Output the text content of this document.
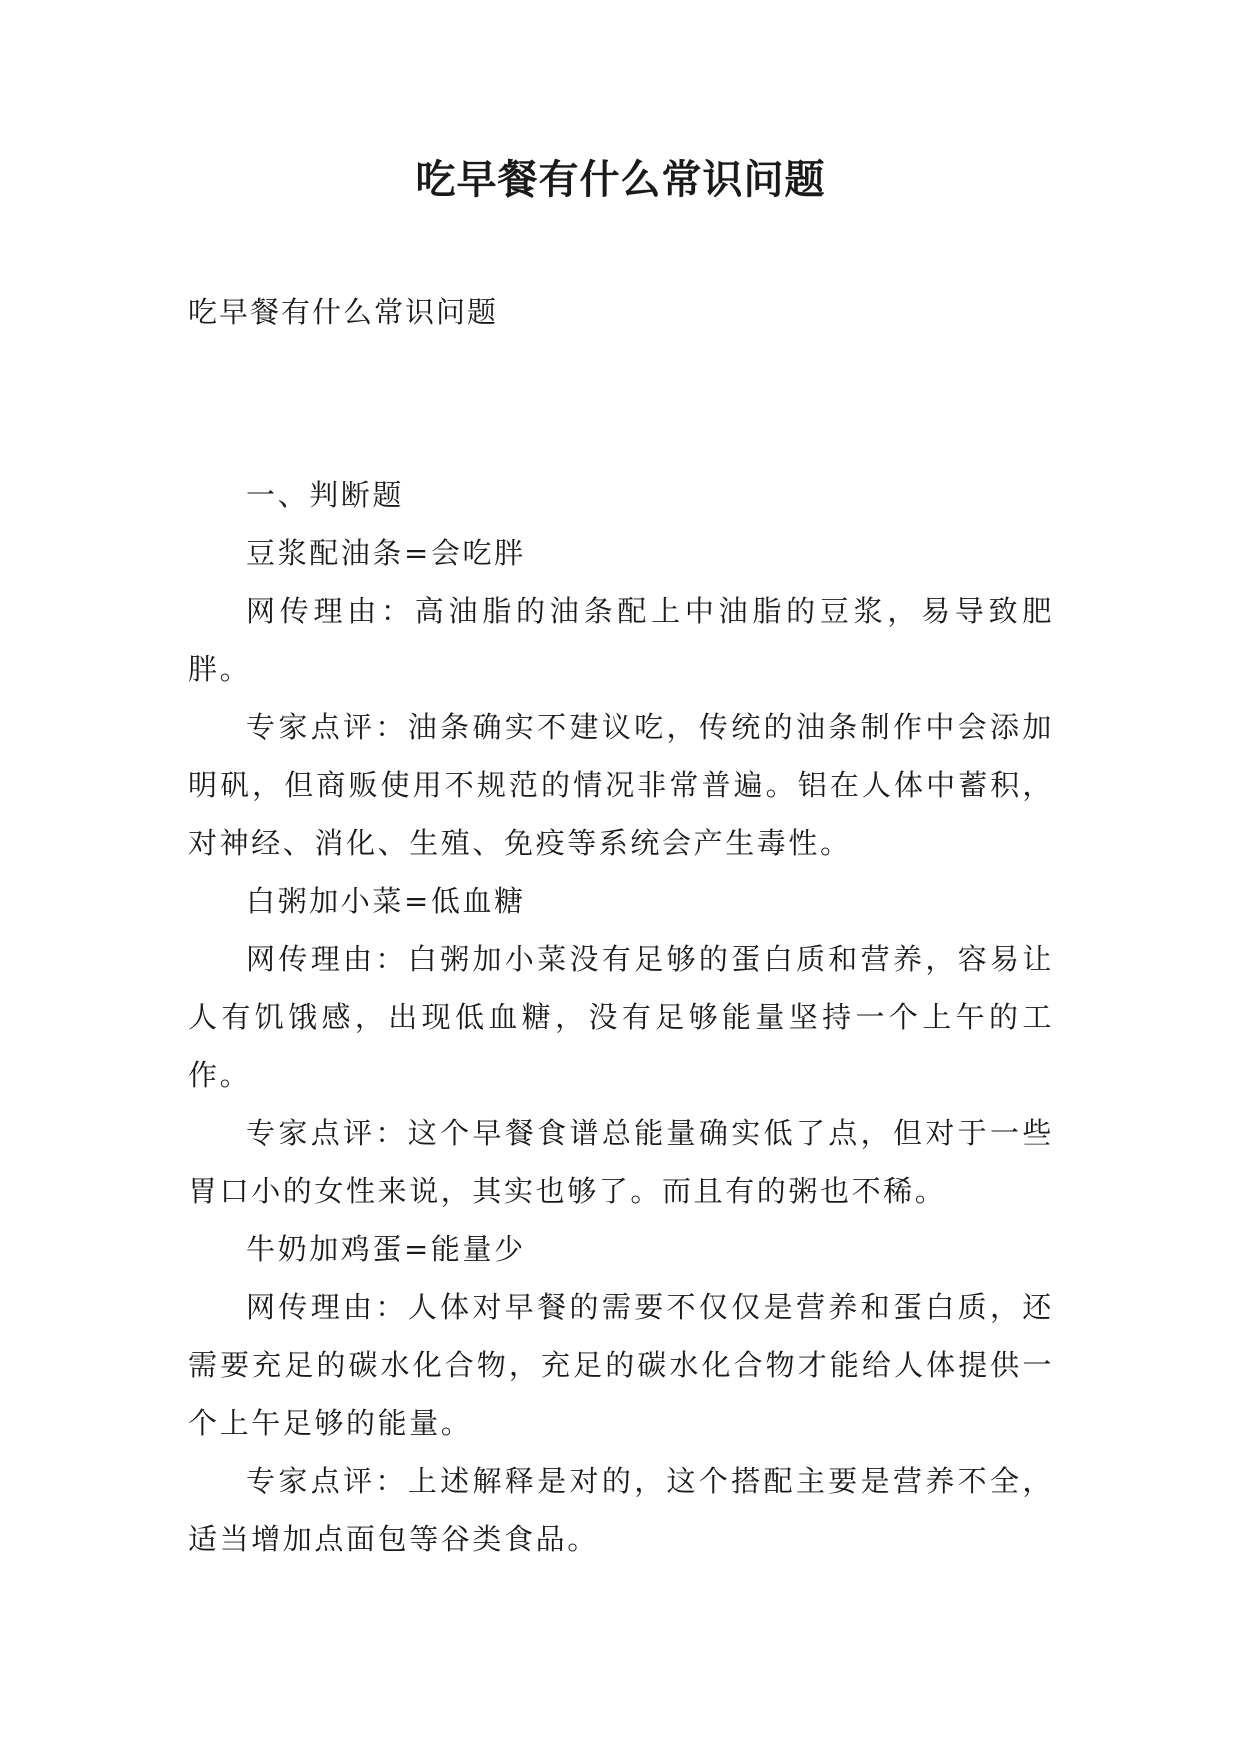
吃早餐有什么常识问题
吃早餐有什么常识问题

一、判断题

豆浆配油条=会吃胖

网传理由：高油脂的油条配上中油脂的豆浆，易导致肥胖。

专家点评：油条确实不建议吃，传统的油条制作中会添加明矾，但商贩使用不规范的情况非常普遍。铝在人体中蓄积，对神经、消化、生殖、免疫等系统会产生毒性。

白粥加小菜=低血糖

网传理由：白粥加小菜没有足够的蛋白质和营养，容易让人有饥饿感，出现低血糖，没有足够能量坚持一个上午的工作。

专家点评：这个早餐食谱总能量确实低了点，但对于一些胃口小的女性来说，其实也够了。而且有的粥也不稀。

牛奶加鸡蛋=能量少

网传理由：人体对早餐的需要不仅仅是营养和蛋白质，还需要充足的碳水化合物，充足的碳水化合物才能给人体提供一个上午足够的能量。

专家点评：上述解释是对的，这个搭配主要是营养不全，适当增加点面包等谷类食品。
